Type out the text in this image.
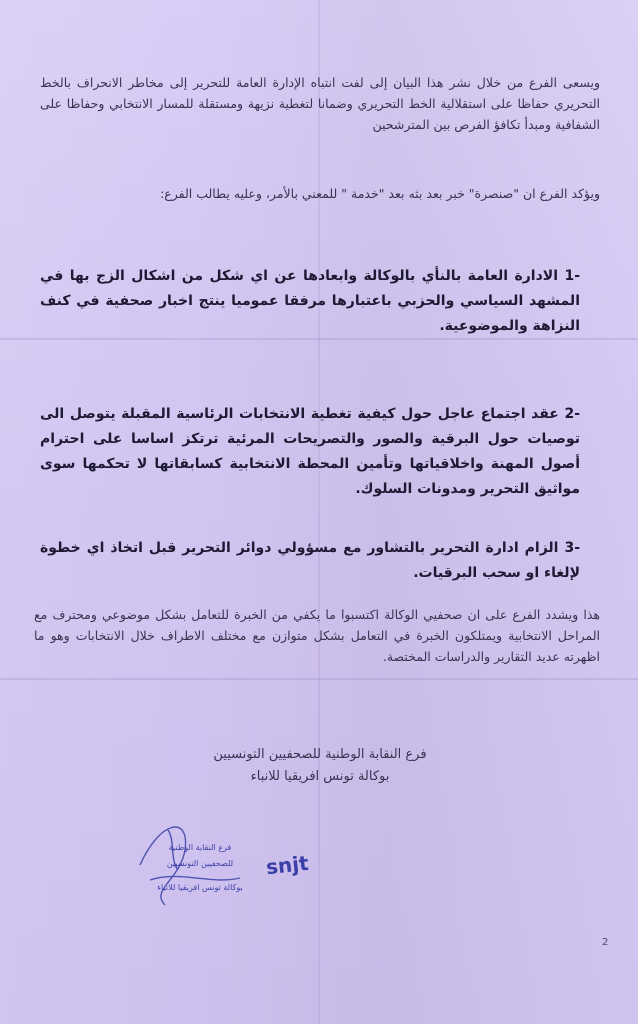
ويسعى الفرع من خلال نشر هذا البيان إلى لفت انتباه الإدارة العامة للتحرير إلى مخاطر الانحراف بالخط التحريري حفاظا على استقلالية الخط التحريري وضمانا لتغطية نزيهة ومستقلة للمسار الانتخابي وحفاظا على الشفافية ومبدأ تكافؤ الفرص بين المترشحين
ويؤكد الفرع ان "صنصرة" خبر بعد بثه بعد "خدمة " للمعني بالأمر، وعليه يطالب الفرع:
-1 الادارة العامة بالنأي بالوكالة وابعادها عن اي شكل من اشكال الزج بها في المشهد السياسي والحزبي باعتبارها مرفقا عموميا ينتج اخبار صحفية في كنف النزاهة والموضوعية.
-2 عقد اجتماع عاجل حول كيفية تغطية الانتخابات الرئاسية المقبلة يتوصل الى توصيات حول البرقية والصور والتصريحات المرئية ترتكز اساسا على احترام أصول المهنة واخلاقياتها وتأمين المحطة الانتخابية كسابقاتها لا تحكمها سوى مواثيق التحرير ومدونات السلوك.
-3 الزام ادارة التحرير بالتشاور مع مسؤولي دوائر التحرير قبل اتخاذ اي خطوة لإلغاء او سحب البرقيات.
هذا ويشدد الفرع على ان صحفيي الوكالة اكتسبوا ما يكفي من الخبرة للتعامل بشكل موضوعي ومحترف مع المراحل الانتخابية ويمتلكون الخبرة في التعامل بشكل متوازن مع مختلف الاطراف خلال الانتخابات وهو ما اظهرته عديد التقارير والدراسات المختصة.
فرع النقابة الوطنية للصحفيين التونسيين
بوكالة تونس افريقيا للانباء
snjt
فرع النقابة الوطنية
للصحفيين التونسيين
بوكالة تونس افريقيا للانباء
2
